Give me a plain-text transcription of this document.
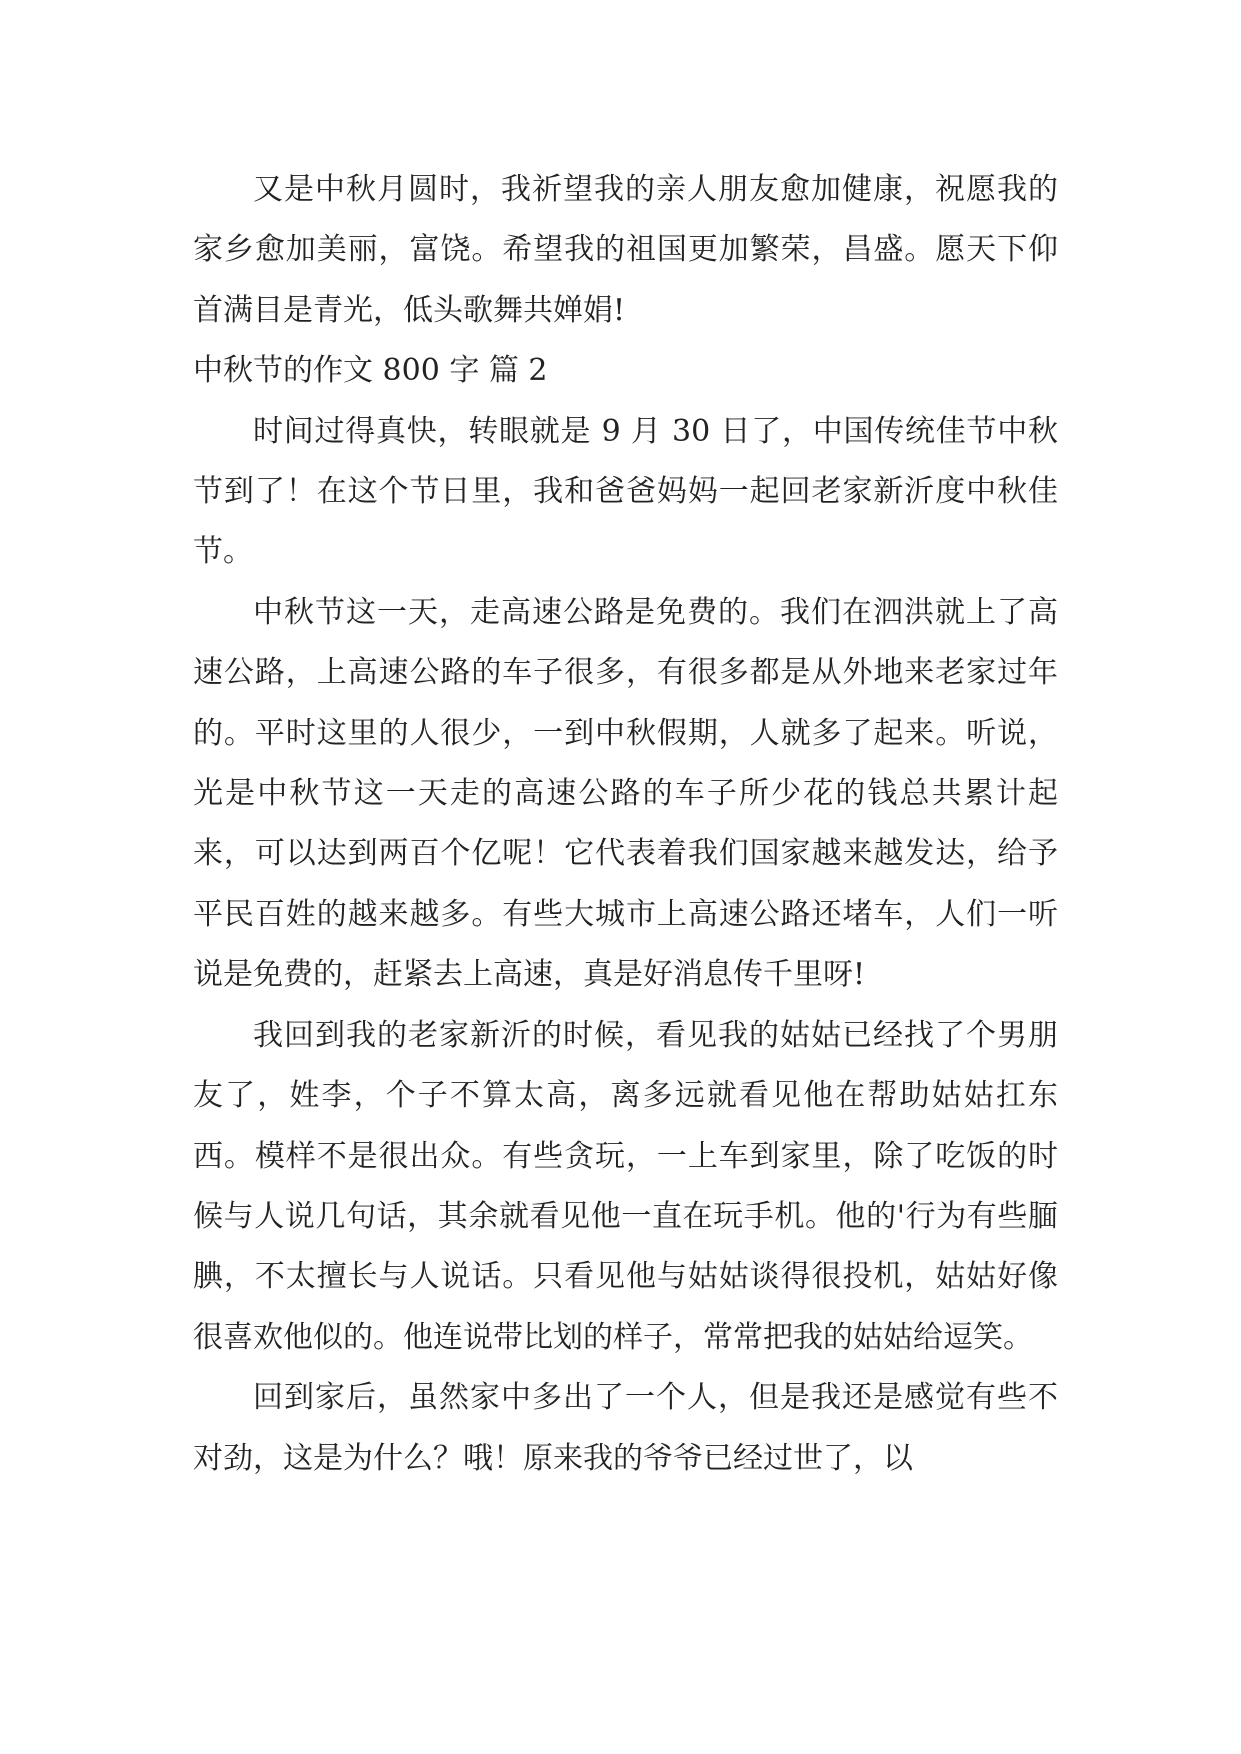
又是中秋月圆时，我祈望我的亲人朋友愈加健康，祝愿我的家乡愈加美丽，富饶。希望我的祖国更加繁荣，昌盛。愿天下仰首满目是青光，低头歌舞共婵娟!

中秋节的作文 800 字 篇 2

时间过得真快，转眼就是 9 月 30 日了，中国传统佳节中秋节到了！在这个节日里，我和爸爸妈妈一起回老家新沂度中秋佳节。

中秋节这一天，走高速公路是免费的。我们在泗洪就上了高速公路，上高速公路的车子很多，有很多都是从外地来老家过年的。平时这里的人很少，一到中秋假期，人就多了起来。听说，光是中秋节这一天走的高速公路的车子所少花的钱总共累计起来，可以达到两百个亿呢！它代表着我们国家越来越发达，给予平民百姓的越来越多。有些大城市上高速公路还堵车，人们一听说是免费的，赶紧去上高速，真是好消息传千里呀!

我回到我的老家新沂的时候，看见我的姑姑已经找了个男朋友了，姓李，个子不算太高，离多远就看见他在帮助姑姑扛东西。模样不是很出众。有些贪玩，一上车到家里，除了吃饭的时候与人说几句话，其余就看见他一直在玩手机。他的'行为有些腼腆，不太擅长与人说话。只看见他与姑姑谈得很投机，姑姑好像很喜欢他似的。他连说带比划的样子，常常把我的姑姑给逗笑。

回到家后，虽然家中多出了一个人，但是我还是感觉有些不对劲，这是为什么？哦！原来我的爷爷已经过世了，以
